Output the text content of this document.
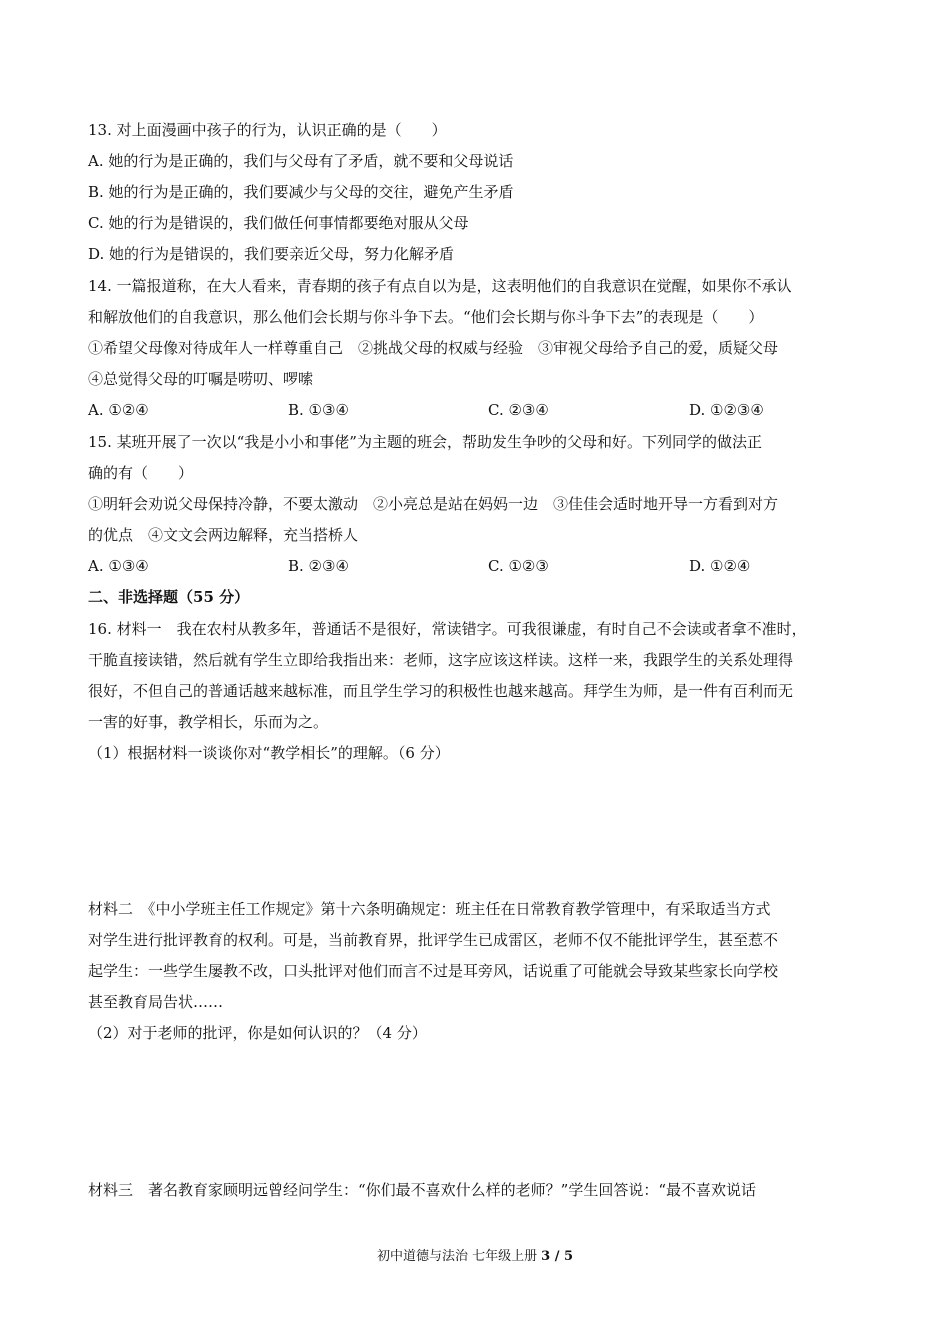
13. 对上面漫画中孩子的行为，认识正确的是（　　）
A. 她的行为是正确的，我们与父母有了矛盾，就不要和父母说话
B. 她的行为是正确的，我们要减少与父母的交往，避免产生矛盾
C. 她的行为是错误的，我们做任何事情都要绝对服从父母
D. 她的行为是错误的，我们要亲近父母，努力化解矛盾
14. 一篇报道称，在大人看来，青春期的孩子有点自以为是，这表明他们的自我意识在觉醒，如果你不承认
和解放他们的自我意识，那么他们会长期与你斗争下去。“他们会长期与你斗争下去”的表现是（　　）
①希望父母像对待成年人一样尊重自己　②挑战父母的权威与经验　③审视父母给予自己的爱，质疑父母
④总觉得父母的叮嘱是唠叨、啰嗦
A. ①②④	B. ①③④	C. ②③④	D. ①②③④
15. 某班开展了一次以“我是小小和事佬”为主题的班会，帮助发生争吵的父母和好。下列同学的做法正
确的有（　　）
①明轩会劝说父母保持冷静，不要太激动　②小亮总是站在妈妈一边　③佳佳会适时地开导一方看到对方
的优点　④文文会两边解释，充当搭桥人
A. ①③④	B. ②③④	C. ①②③	D. ①②④
二、非选择题（55 分）
16. 材料一　我在农村从教多年，普通话不是很好，常读错字。可我很谦虚，有时自己不会读或者拿不准时，
干脆直接读错，然后就有学生立即给我指出来：老师，这字应该这样读。这样一来，我跟学生的关系处理得
很好，不但自己的普通话越来越标准，而且学生学习的积极性也越来越高。拜学生为师，是一件有百利而无
一害的好事，教学相长，乐而为之。
（1）根据材料一谈谈你对“教学相长”的理解。（6 分）
材料二　《中小学班主任工作规定》第十六条明确规定：班主任在日常教育教学管理中，有采取适当方式
对学生进行批评教育的权利。可是，当前教育界，批评学生已成雷区，老师不仅不能批评学生，甚至惹不
起学生：一些学生屡教不改，口头批评对他们而言不过是耳旁风，话说重了可能就会导致某些家长向学校
甚至教育局告状……
（2）对于老师的批评，你是如何认识的？（4 分）
材料三　著名教育家顾明远曾经问学生：“你们最不喜欢什么样的老师？”学生回答说：“最不喜欢说话
初中道德与法治 七年级上册 3 / 5
